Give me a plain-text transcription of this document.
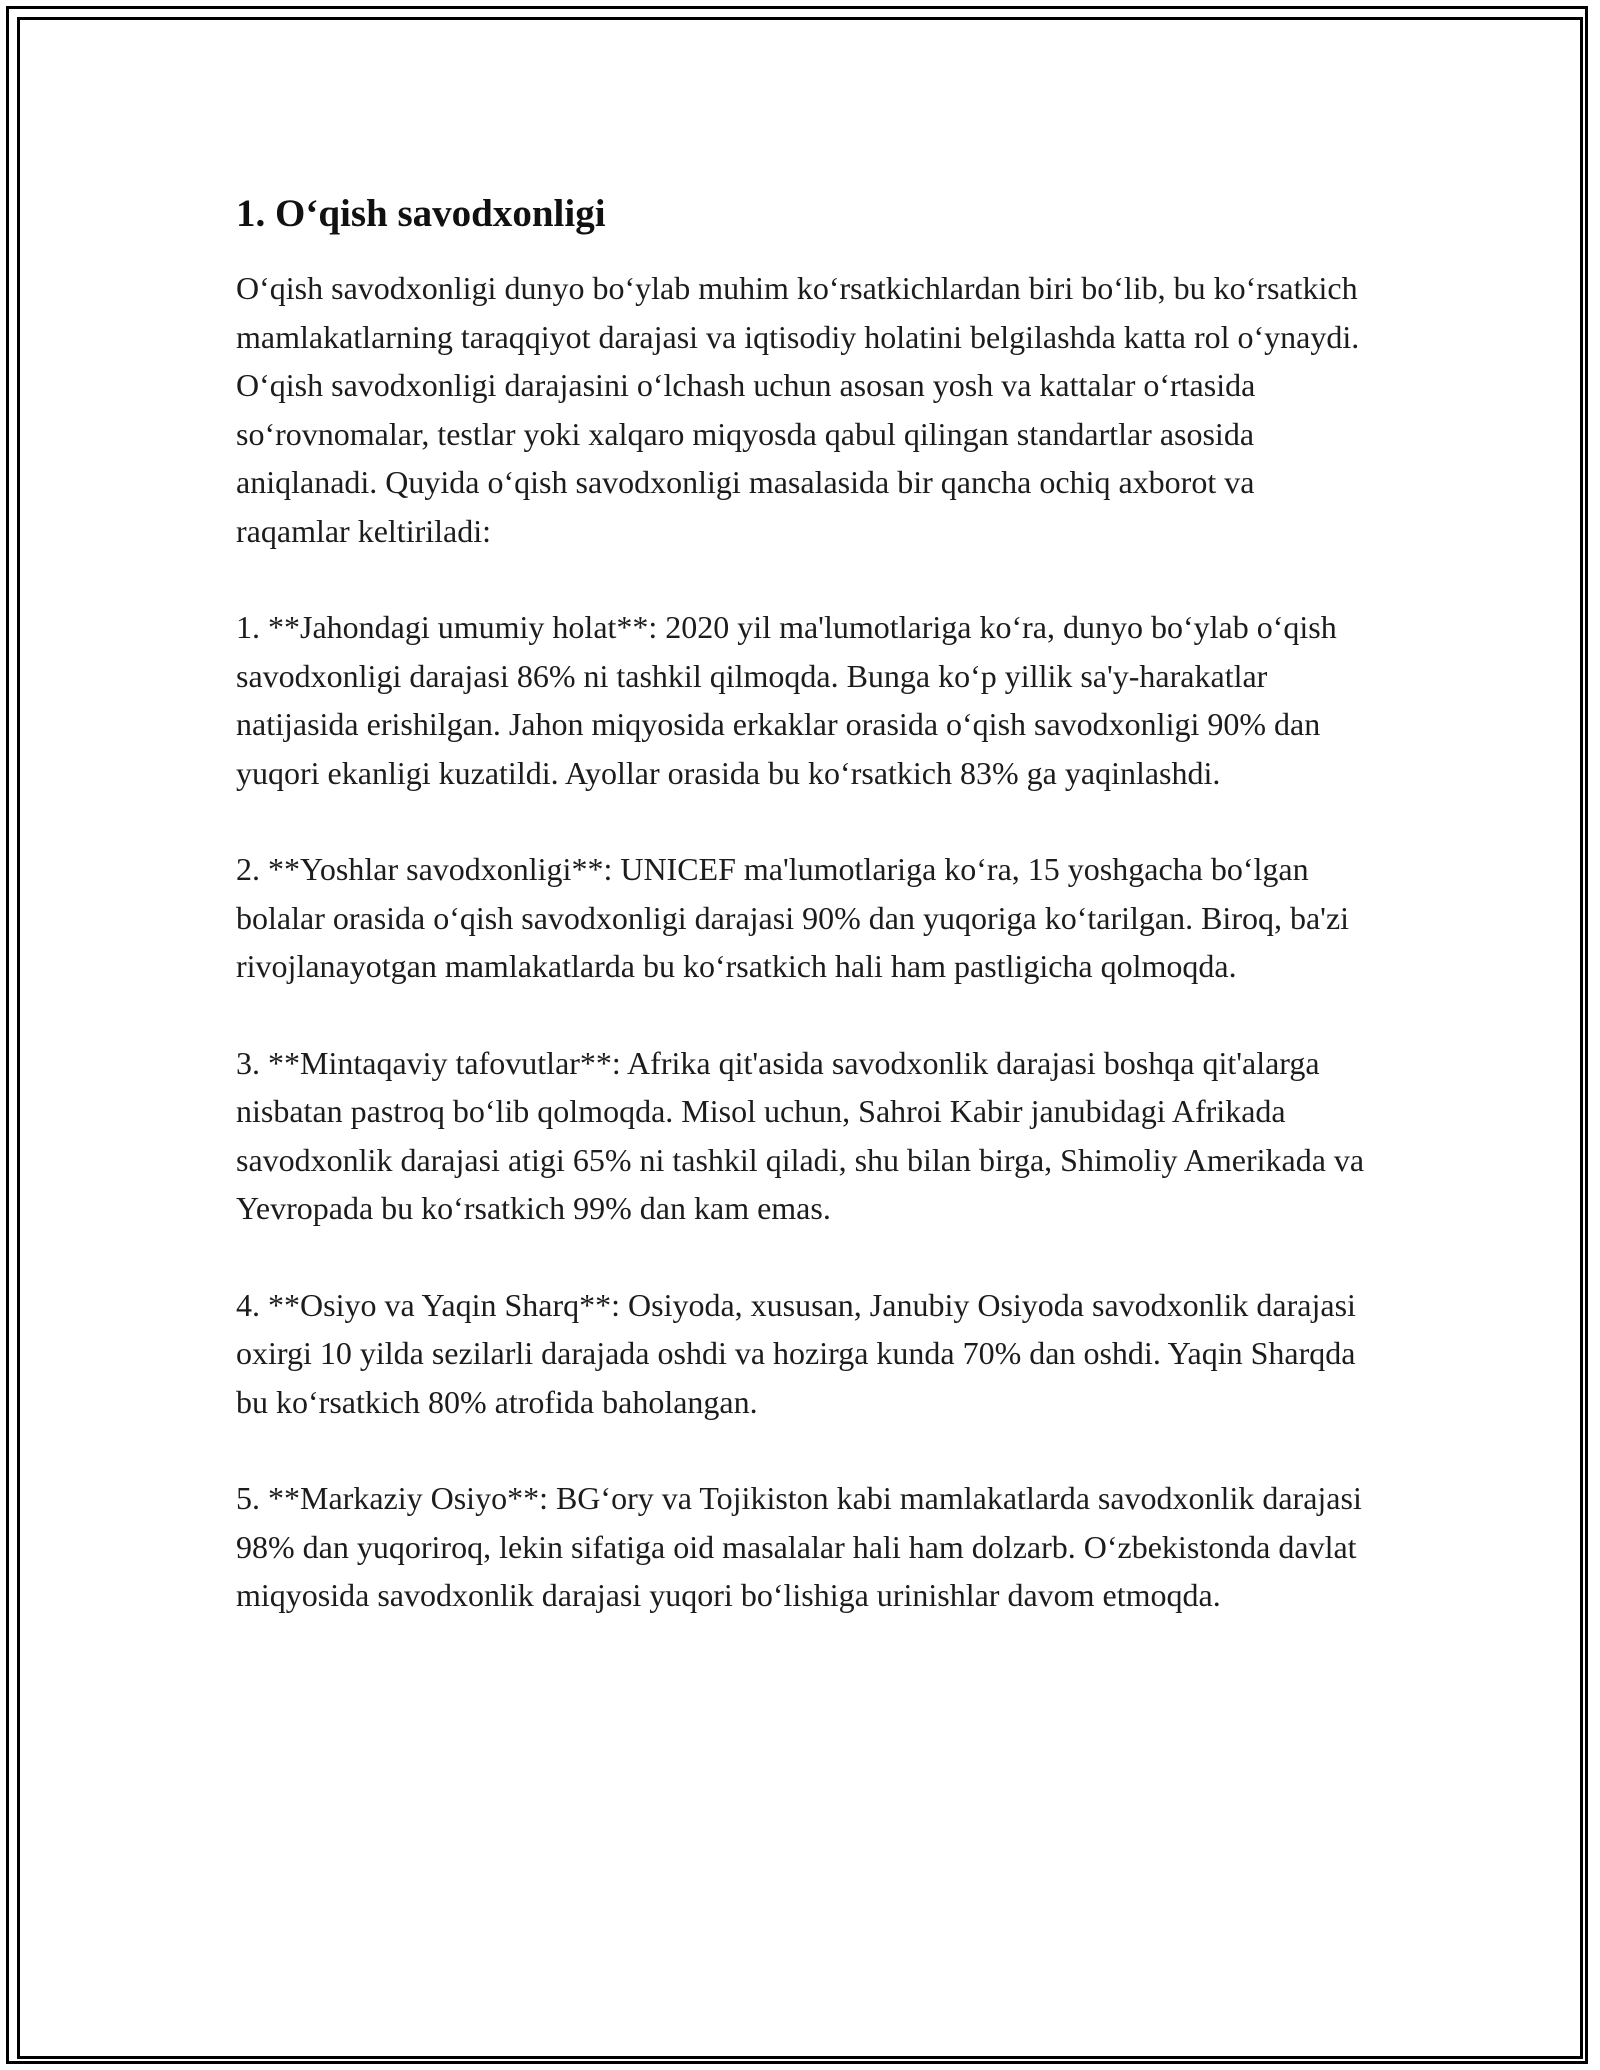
1. O‘qish savodxonligi

O‘qish savodxonligi dunyo bo‘ylab muhim ko‘rsatkichlardan biri bo‘lib, bu ko‘rsatkich mamlakatlarning taraqqiyot darajasi va iqtisodiy holatini belgilashda katta rol o‘ynaydi. O‘qish savodxonligi darajasini o‘lchash uchun asosan yosh va kattalar o‘rtasida so‘rovnomalar, testlar yoki xalqaro miqyosda qabul qilingan standartlar asosida aniqlanadi. Quyida o‘qish savodxonligi masalasida bir qancha ochiq axborot va raqamlar keltiriladi:

1. **Jahondagi umumiy holat**: 2020 yil ma'lumotlariga ko‘ra, dunyo bo‘ylab o‘qish savodxonligi darajasi 86% ni tashkil qilmoqda. Bunga ko‘p yillik sa'y-harakatlar natijasida erishilgan. Jahon miqyosida erkaklar orasida o‘qish savodxonligi 90% dan yuqori ekanligi kuzatildi. Ayollar orasida bu ko‘rsatkich 83% ga yaqinlashdi.

2. **Yoshlar savodxonligi**: UNICEF ma'lumotlariga ko‘ra, 15 yoshgacha bo‘lgan bolalar orasida o‘qish savodxonligi darajasi 90% dan yuqoriga ko‘tarilgan. Biroq, ba'zi rivojlanayotgan mamlakatlarda bu ko‘rsatkich hali ham pastligicha qolmoqda.

3. **Mintaqaviy tafovutlar**: Afrika qit'asida savodxonlik darajasi boshqa qit'alarga nisbatan pastroq bo‘lib qolmoqda. Misol uchun, Sahroi Kabir janubidagi Afrikada savodxonlik darajasi atigi 65% ni tashkil qiladi, shu bilan birga, Shimoliy Amerikada va Yevropada bu ko‘rsatkich 99% dan kam emas.

4. **Osiyo va Yaqin Sharq**: Osiyoda, xususan, Janubiy Osiyoda savodxonlik darajasi oxirgi 10 yilda sezilarli darajada oshdi va hozirga kunda 70% dan oshdi. Yaqin Sharqda bu ko‘rsatkich 80% atrofida baholangan.

5. **Markaziy Osiyo**: BG‘ory va Tojikiston kabi mamlakatlarda savodxonlik darajasi 98% dan yuqoriroq, lekin sifatiga oid masalalar hali ham dolzarb. O‘zbekistonda davlat miqyosida savodxonlik darajasi yuqori bo‘lishiga urinishlar davom etmoqda.
